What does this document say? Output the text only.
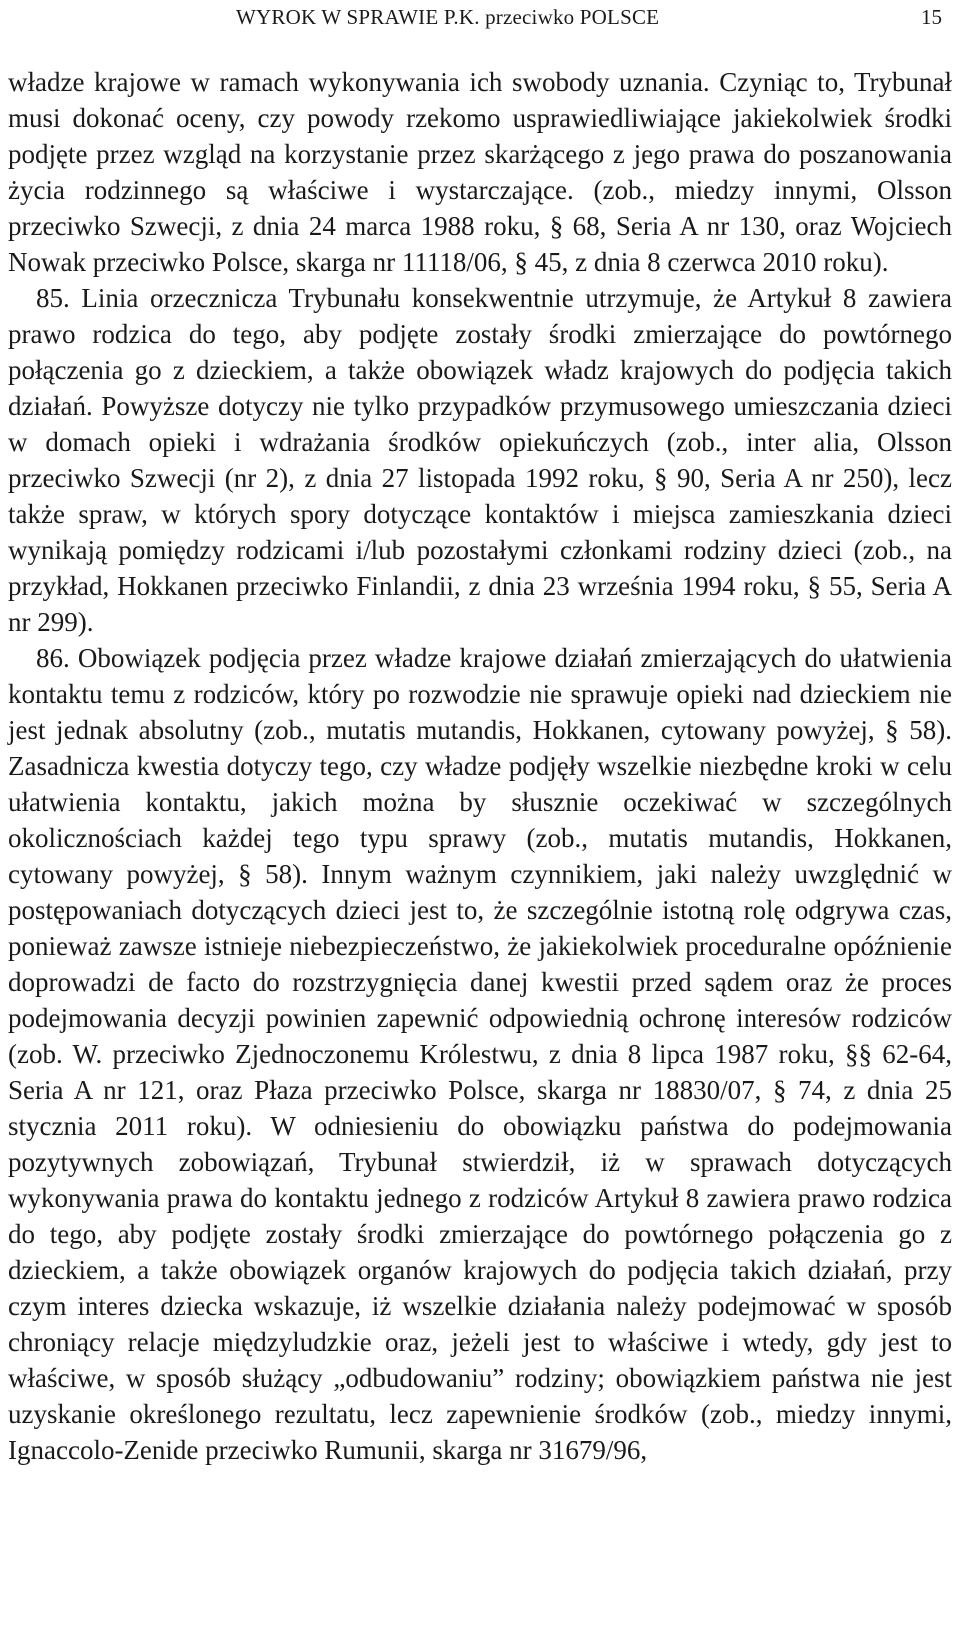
WYROK W SPRAWIE P.K. przeciwko POLSCE	15

władze krajowe w ramach wykonywania ich swobody uznania. Czyniąc to, Trybunał musi dokonać oceny, czy powody rzekomo usprawiedliwiające jakiekolwiek środki podjęte przez wzgląd na korzystanie przez skarżącego z jego prawa do poszanowania życia rodzinnego są właściwe i wystarczające. (zob., miedzy innymi, Olsson przeciwko Szwecji, z dnia 24 marca 1988 roku, § 68, Seria A nr 130, oraz Wojciech Nowak przeciwko Polsce, skarga nr 11118/06, § 45, z dnia 8 czerwca 2010 roku).

85. Linia orzecznicza Trybunału konsekwentnie utrzymuje, że Artykuł 8 zawiera prawo rodzica do tego, aby podjęte zostały środki zmierzające do powtórnego połączenia go z dzieckiem, a także obowiązek władz krajowych do podjęcia takich działań. Powyższe dotyczy nie tylko przypadków przymusowego umieszczania dzieci w domach opieki i wdrażania środków opiekuńczych (zob., inter alia, Olsson przeciwko Szwecji (nr 2), z dnia 27 listopada 1992 roku, § 90, Seria A nr 250), lecz także spraw, w których spory dotyczące kontaktów i miejsca zamieszkania dzieci wynikają pomiędzy rodzicami i/lub pozostałymi członkami rodziny dzieci (zob., na przykład, Hokkanen przeciwko Finlandii, z dnia 23 września 1994 roku, § 55, Seria A nr 299).

86. Obowiązek podjęcia przez władze krajowe działań zmierzających do ułatwienia kontaktu temu z rodziców, który po rozwodzie nie sprawuje opieki nad dzieckiem nie jest jednak absolutny (zob., mutatis mutandis, Hokkanen, cytowany powyżej, § 58). Zasadnicza kwestia dotyczy tego, czy władze podjęły wszelkie niezbędne kroki w celu ułatwienia kontaktu, jakich można by słusznie oczekiwać w szczególnych okolicznościach każdej tego typu sprawy (zob., mutatis mutandis, Hokkanen, cytowany powyżej, § 58). Innym ważnym czynnikiem, jaki należy uwzględnić w postępowaniach dotyczących dzieci jest to, że szczególnie istotną rolę odgrywa czas, ponieważ zawsze istnieje niebezpieczeństwo, że jakiekolwiek proceduralne opóźnienie doprowadzi de facto do rozstrzygnięcia danej kwestii przed sądem oraz że proces podejmowania decyzji powinien zapewnić odpowiednią ochronę interesów rodziców (zob. W. przeciwko Zjednoczonemu Królestwu, z dnia 8 lipca 1987 roku, §§ 62-64, Seria A nr 121, oraz Płaza przeciwko Polsce, skarga nr 18830/07, § 74, z dnia 25 stycznia 2011 roku). W odniesieniu do obowiązku państwa do podejmowania pozytywnych zobowiązań, Trybunał stwierdził, iż w sprawach dotyczących wykonywania prawa do kontaktu jednego z rodziców Artykuł 8 zawiera prawo rodzica do tego, aby podjęte zostały środki zmierzające do powtórnego połączenia go z dzieckiem, a także obowiązek organów krajowych do podjęcia takich działań, przy czym interes dziecka wskazuje, iż wszelkie działania należy podejmować w sposób chroniący relacje międzyludzkie oraz, jeżeli jest to właściwe i wtedy, gdy jest to właściwe, w sposób służący „odbudowaniu” rodziny; obowiązkiem państwa nie jest uzyskanie określonego rezultatu, lecz zapewnienie środków (zob., miedzy innymi, Ignaccolo-Zenide przeciwko Rumunii, skarga nr 31679/96,
